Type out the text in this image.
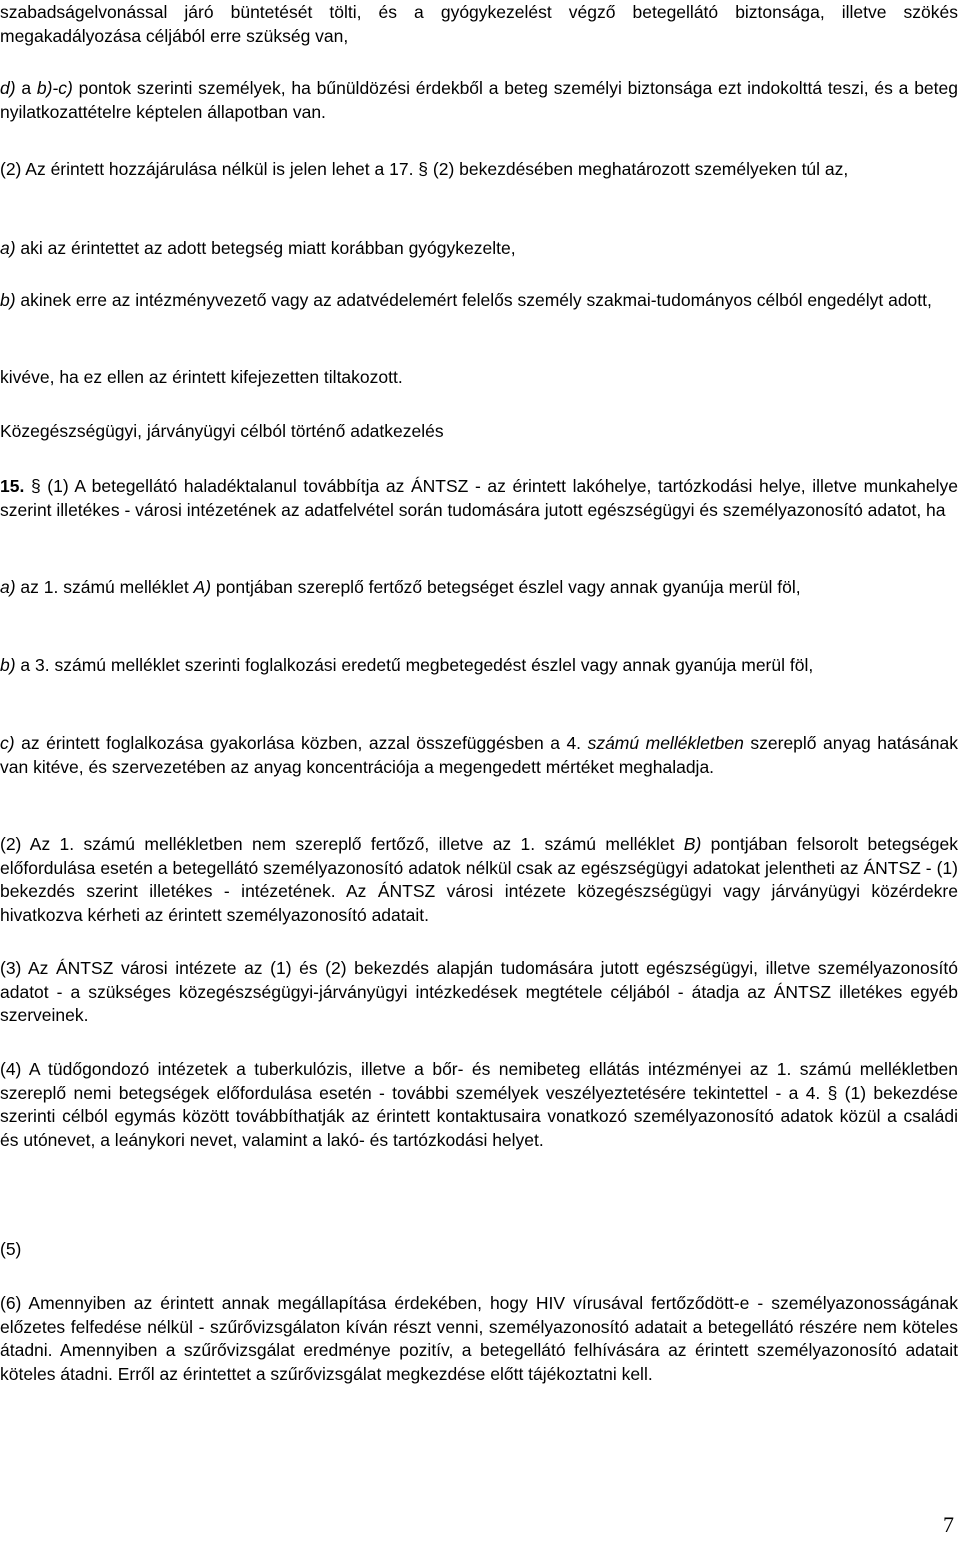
szabadságelvonással járó büntetését tölti, és a gyógykezelést végző betegellátó biztonsága, illetve szökés megakadályozása céljából erre szükség van,

d) a b)-c) pontok szerinti személyek, ha bűnüldözési érdekből a beteg személyi biztonsága ezt indokolttá teszi, és a beteg nyilatkozattételre képtelen állapotban van.

(2) Az érintett hozzájárulása nélkül is jelen lehet a 17. § (2) bekezdésében meghatározott személyeken túl az,

a) aki az érintettet az adott betegség miatt korábban gyógykezelte,

b) akinek erre az intézményvezető vagy az adatvédelemért felelős személy szakmai-tudományos célból engedélyt adott,

kivéve, ha ez ellen az érintett kifejezetten tiltakozott.

Közegészségügyi, járványügyi célból történő adatkezelés

15. § (1) A betegellátó haladéktalanul továbbítja az ÁNTSZ - az érintett lakóhelye, tartózkodási helye, illetve munkahelye szerint illetékes - városi intézetének az adatfelvétel során tudomására jutott egészségügyi és személyazonosító adatot, ha

a) az 1. számú melléklet A) pontjában szereplő fertőző betegséget észlel vagy annak gyanúja merül föl,

b) a 3. számú melléklet szerinti foglalkozási eredetű megbetegedést észlel vagy annak gyanúja merül föl,

c) az érintett foglalkozása gyakorlása közben, azzal összefüggésben a 4. számú mellékletben szereplő anyag hatásának van kitéve, és szervezetében az anyag koncentrációja a megengedett mértéket meghaladja.

(2) Az 1. számú mellékletben nem szereplő fertőző, illetve az 1. számú melléklet B) pontjában felsorolt betegségek előfordulása esetén a betegellátó személyazonosító adatok nélkül csak az egészségügyi adatokat jelentheti az ÁNTSZ - (1) bekezdés szerint illetékes - intézetének. Az ÁNTSZ városi intézete közegészségügyi vagy járványügyi közérdekre hivatkozva kérheti az érintett személyazonosító adatait.

(3) Az ÁNTSZ városi intézete az (1) és (2) bekezdés alapján tudomására jutott egészségügyi, illetve személyazonosító adatot - a szükséges közegészségügyi-járványügyi intézkedések megtétele céljából - átadja az ÁNTSZ illetékes egyéb szerveinek.

(4) A tüdőgondozó intézetek a tuberkulózis, illetve a bőr- és nemibeteg ellátás intézményei az 1. számú mellékletben szereplő nemi betegségek előfordulása esetén - további személyek veszélyeztetésére tekintettel - a 4. § (1) bekezdése szerinti célból egymás között továbbíthatják az érintett kontaktusaira vonatkozó személyazonosító adatok közül a családi és utónevet, a leánykori nevet, valamint a lakó- és tartózkodási helyet.

(5)

(6) Amennyiben az érintett annak megállapítása érdekében, hogy HIV vírusával fertőződött-e - személyazonosságának előzetes felfedése nélkül - szűrővizsgálaton kíván részt venni, személyazonosító adatait a betegellátó részére nem köteles átadni. Amennyiben a szűrővizsgálat eredménye pozitív, a betegellátó felhívására az érintett személyazonosító adatait köteles átadni. Erről az érintettet a szűrővizsgálat megkezdése előtt tájékoztatni kell.

7
